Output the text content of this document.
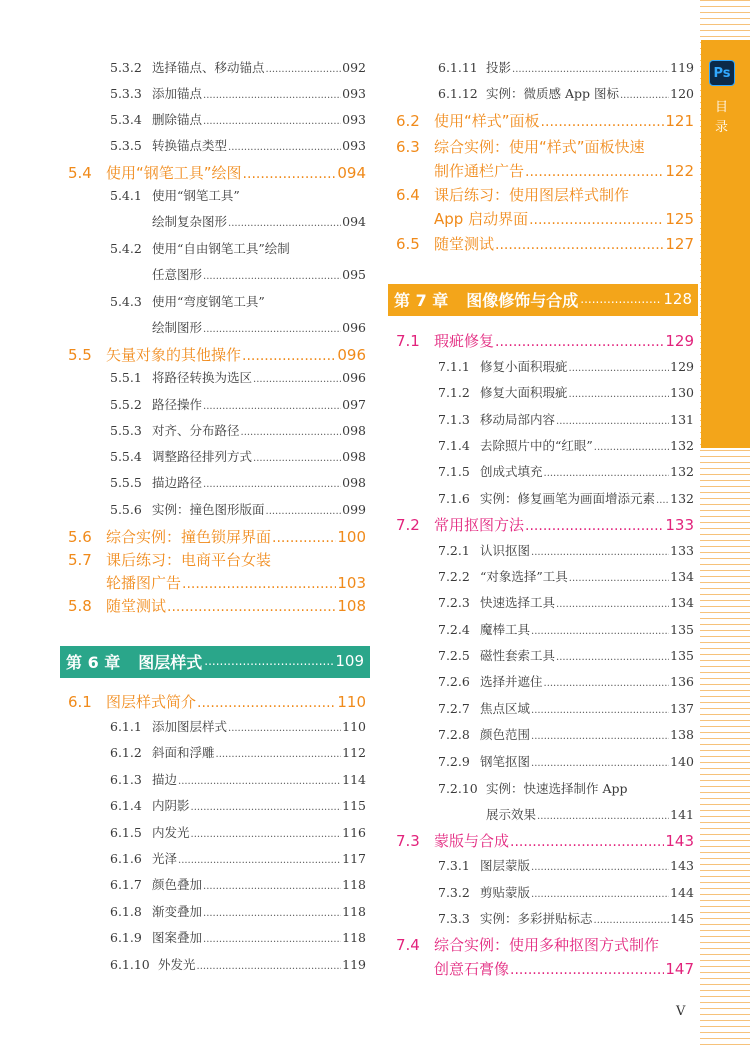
Ps
目
录
5.3.2 选择锚点、移动锚点 .....	092
5.3.3 添加锚点 .....	093
5.3.4 删除锚点 .....	093
5.3.5 转换锚点类型 .....	093
5.4 使用“钢笔工具”绘图 .....	094
5.4.1 使用“钢笔工具”
绘制复杂图形 .....	094
5.4.2 使用“自由钢笔工具”绘制
任意图形 .....	095
5.4.3 使用“弯度钢笔工具”
绘制图形 .....	096
5.5 矢量对象的其他操作 .....	096
5.5.1 将路径转换为选区 .....	096
5.5.2 路径操作 .....	097
5.5.3 对齐、分布路径 .....	098
5.5.4 调整路径排列方式 .....	098
5.5.5 描边路径 .....	098
5.5.6 实例：撞色图形版面 .....	099
5.6 综合实例：撞色锁屏界面 .....	100
5.7 课后练习：电商平台女装
轮播图广告 .....	103
5.8 随堂测试 .....	108
第 6 章 图层样式 .....	109
6.1 图层样式简介 .....	110
6.1.1 添加图层样式 .....	110
6.1.2 斜面和浮雕 .....	112
6.1.3 描边 .....	114
6.1.4 内阴影 .....	115
6.1.5 内发光 .....	116
6.1.6 光泽 .....	117
6.1.7 颜色叠加 .....	118
6.1.8 渐变叠加 .....	118
6.1.9 图案叠加 .....	118
6.1.10 外发光 .....	119
6.1.11 投影 .....	119
6.1.12 实例：微质感 App 图标 .....	120
6.2 使用“样式”面板 .....	121
6.3 综合实例：使用“样式”面板快速
制作通栏广告 .....	122
6.4 课后练习：使用图层样式制作
App 启动界面 .....	125
6.5 随堂测试 .....	127
第 7 章 图像修饰与合成 .....	128
7.1 瑕疵修复 .....	129
7.1.1 修复小面积瑕疵 .....	129
7.1.2 修复大面积瑕疵 .....	130
7.1.3 移动局部内容 .....	131
7.1.4 去除照片中的“红眼” .....	132
7.1.5 创成式填充 .....	132
7.1.6 实例：修复画笔为画面增添元素 ..... 132
7.2 常用抠图方法 .....	133
7.2.1 认识抠图 .....	133
7.2.2 “对象选择”工具 .....	134
7.2.3 快速选择工具 .....	134
7.2.4 魔棒工具 .....	135
7.2.5 磁性套索工具 .....	135
7.2.6 选择并遮住 .....	136
7.2.7 焦点区域 .....	137
7.2.8 颜色范围 .....	138
7.2.9 钢笔抠图 .....	140
7.2.10 实例：快速选择制作 App
展示效果 .....	141
7.3 蒙版与合成 .....	143
7.3.1 图层蒙版 .....	143
7.3.2 剪贴蒙版 .....	144
7.3.3 实例：多彩拼贴标志 .....	145
7.4 综合实例：使用多种抠图方式制作
创意石膏像 .....	147
V
